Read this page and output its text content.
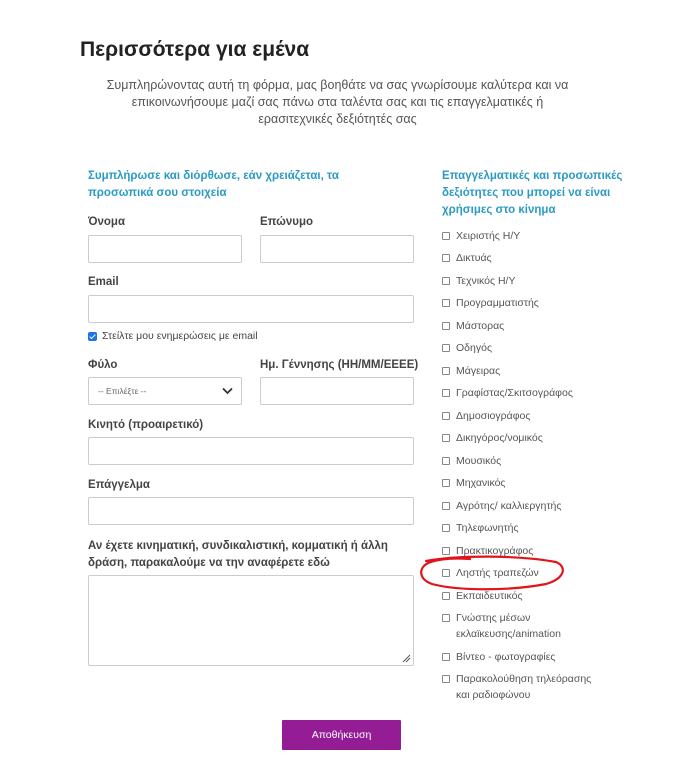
Περισσότερα για εμένα
Συμπληρώνοντας αυτή τη φόρμα, μας βοηθάτε να σας γνωρίσουμε καλύτερα και να επικοινωνήσουμε μαζί σας πάνω στα ταλέντα σας και τις επαγγελματικές ή ερασιτεχνικές δεξιότητές σας
Συμπλήρωσε και διόρθωσε, εάν χρειάζεται, τα προσωπικά σου στοιχεία
Όνομα	Επώνυμο
Email
Στείλτε μου ενημερώσεις με email
Φύλο
-- Επιλέξτε --
Ημ. Γέννησης (ΗΗ/ΜΜ/ΕΕΕΕ)
Κινητό (προαιρετικό)
Επάγγελμα
Αν έχετε κινηματική, συνδικαλιστική, κομματική ή άλλη δράση, παρακαλούμε να την αναφέρετε εδώ
Επαγγελματικές και προσωπικές δεξιότητες που μπορεί να είναι χρήσιμες στο κίνημα
Χειριστής Η/Υ
Δικτυάς
Τεχνικός Η/Υ
Προγραμματιστής
Μάστορας
Οδηγός
Μάγειρας
Γραφίστας/Σκιτσογράφος
Δημοσιογράφος
Δικηγόρος/νομικός
Μουσικός
Μηχανικός
Αγρότης/ καλλιεργητής
Τηλεφωνητής
Πρακτικογράφος
Ληστής τραπεζών
Εκπαιδευτικός
Γνώστης μέσων εκλαϊκευσης/animation
Βίντεο - φωτογραφίες
Παρακολούθηση τηλεόρασης και ραδιοφώνου
Αποθήκευση
